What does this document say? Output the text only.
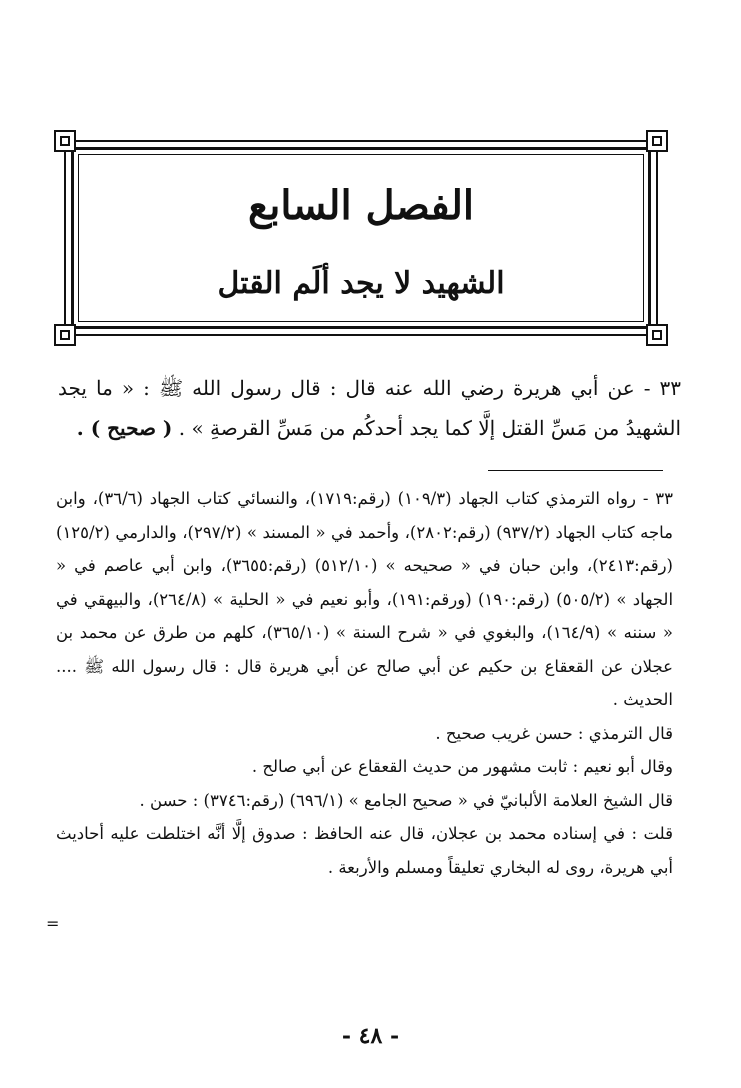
الفصل السابع
الشهيد لا يجد ألَم القتل
٣٣ - عن أبي هريرة رضي الله عنه قال : قال رسول الله ﷺ : « ما يجد الشهيدُ من مَسِّ القتل إلَّا كما يجد أحدكُم من مَسِّ القرصةِ » . ( صحيح ) .

٣٣ - رواه الترمذي كتاب الجهاد (١٠٩/٣) (رقم:١٧١٩)، والنسائي كتاب الجهاد (٣٦/٦)، وابن ماجه كتاب الجهاد (٩٣٧/٢) (رقم:٢٨٠٢)، وأحمد في « المسند » (٢٩٧/٢)، والدارمي (١٢٥/٢) (رقم:٢٤١٣)، وابن حبان في « صحيحه » (٥١٢/١٠) (رقم:٣٦٥٥)، وابن أبي عاصم في « الجهاد » (٥٠٥/٢) (رقم:١٩٠) (ورقم:١٩١)، وأبو نعيم في « الحلية » (٢٦٤/٨)، والبيهقي في « سننه » (١٦٤/٩)، والبغوي في « شرح السنة » (٣٦٥/١٠)، كلهم من طرق عن محمد بن عجلان عن القعقاع بن حكيم عن أبي صالح عن أبي هريرة قال : قال رسول الله ﷺ .... الحديث .

قال الترمذي : حسن غريب صحيح .

وقال أبو نعيم : ثابت مشهور من حديث القعقاع عن أبي صالح .

قال الشيخ العلامة الألبانيّ في « صحيح الجامع » (٦٩٦/١) (رقم:٣٧٤٦) : حسن .

قلت : في إسناده محمد بن عجلان، قال عنه الحافظ : صدوق إلَّا أنَّه اختلطت عليه أحاديث أبي هريرة، روى له البخاري تعليقاً ومسلم والأربعة .

=
- ٤٨ -
